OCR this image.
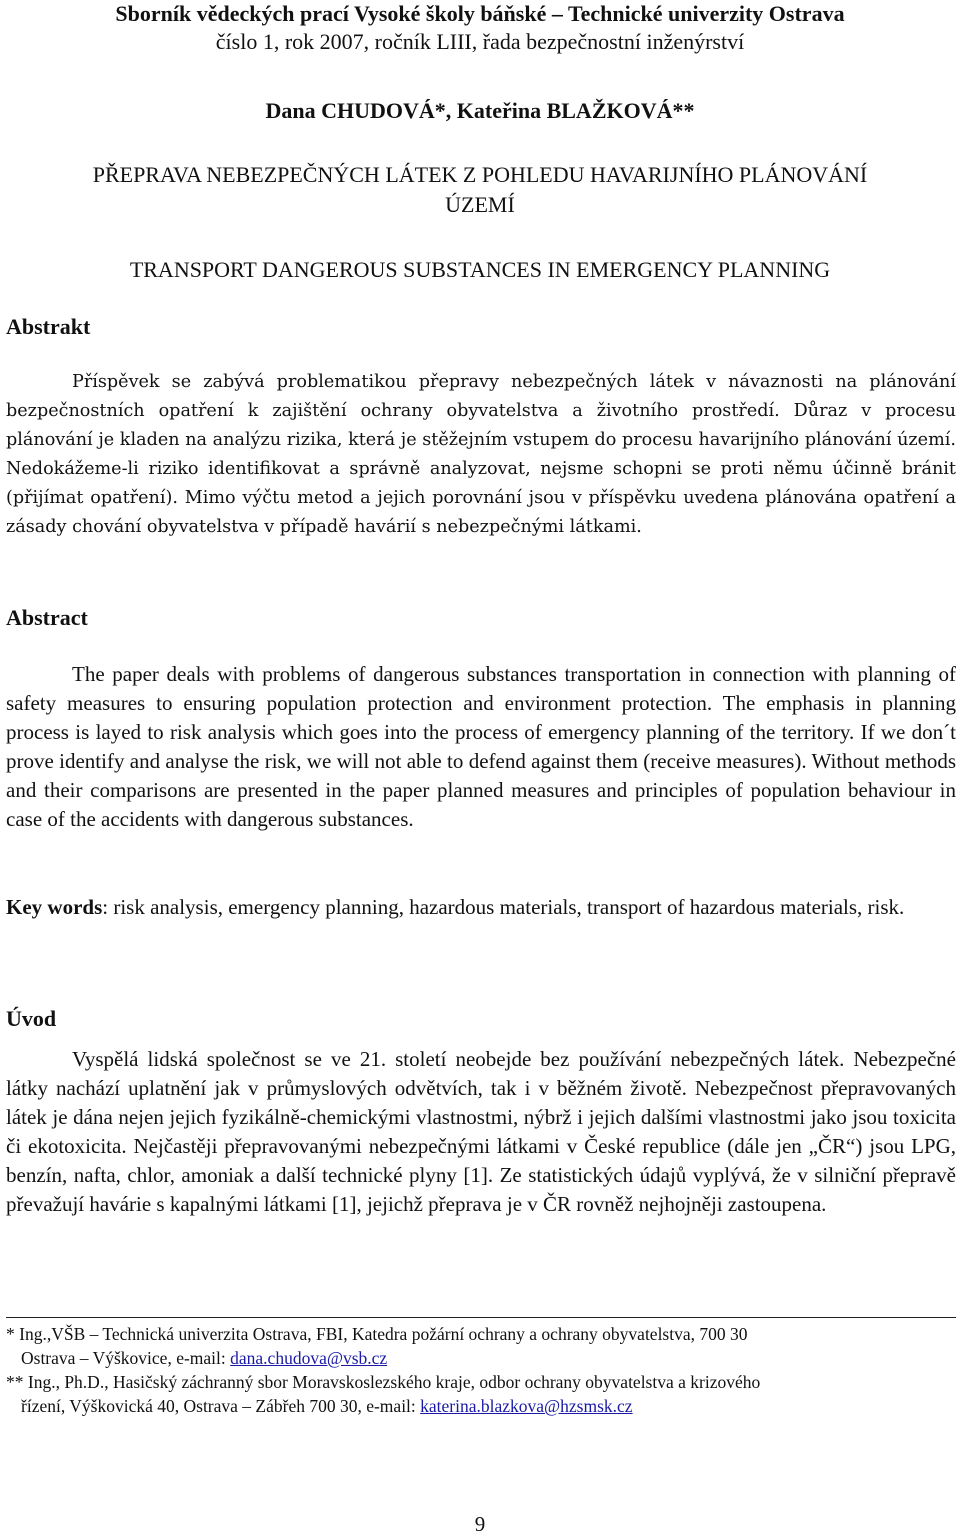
Sborník vědeckých prací Vysoké školy báňské – Technické univerzity Ostrava

číslo 1, rok 2007, ročník LIII, řada bezpečnostní inženýrství

Dana CHUDOVÁ*, Kateřina BLAŽKOVÁ**

PŘEPRAVA NEBEZPEČNÝCH LÁTEK Z POHLEDU HAVARIJNÍHO PLÁNOVÁNÍ
ÚZEMÍ

TRANSPORT DANGEROUS SUBSTANCES IN EMERGENCY PLANNING

Abstrakt

Příspěvek se zabývá problematikou přepravy nebezpečných látek v návaznosti na plánování bezpečnostních opatření k zajištění ochrany obyvatelstva a životního prostředí. Důraz v procesu plánování je kladen na analýzu rizika, která je stěžejním vstupem do procesu havarijního plánování území. Nedokážeme-li riziko identifikovat a správně analyzovat, nejsme schopni se proti němu účinně bránit (přijímat opatření). Mimo výčtu metod a jejich porovnání jsou v příspěvku uvedena plánována opatření a zásady chování obyvatelstva v případě havárií s nebezpečnými látkami.

Abstract

The paper deals with problems of dangerous substances transportation in connection with planning of safety measures to ensuring population protection and environment protection. The emphasis in planning process is layed to risk analysis which goes into the process of emergency planning of the territory. If we don´t prove identify and analyse the risk, we will not able to defend against them (receive measures). Without methods and their comparisons are presented in the paper planned measures and principles of population behaviour in case of the accidents with dangerous substances.

Key words: risk analysis, emergency planning, hazardous materials, transport of hazardous materials, risk.

Úvod

Vyspělá lidská společnost se ve 21. století neobejde bez používání nebezpečných látek. Nebezpečné látky nachází uplatnění jak v průmyslových odvětvích, tak i v běžném životě. Nebezpečnost přepravovaných látek je dána nejen jejich fyzikálně-chemickými vlastnostmi, nýbrž i jejich dalšími vlastnostmi jako jsou toxicita či ekotoxicita. Nejčastěji přepravovanými nebezpečnými látkami v České republice (dále jen „ČR“) jsou LPG, benzín, nafta, chlor, amoniak a další technické plyny [1]. Ze statistických údajů vyplývá, že v silniční přepravě převažují havárie s kapalnými látkami [1], jejichž přeprava je v ČR rovněž nejhojněji zastoupena.

* Ing.,VŠB – Technická univerzita Ostrava, FBI, Katedra požární ochrany a ochrany obyvatelstva, 700 30
Ostrava – Výškovice, e-mail: dana.chudova@vsb.cz
** Ing., Ph.D., Hasičský záchranný sbor Moravskoslezského kraje, odbor ochrany obyvatelstva a krizového
řízení, Výškovická 40, Ostrava – Zábřeh 700 30, e-mail: katerina.blazkova@hzsmsk.cz

9
